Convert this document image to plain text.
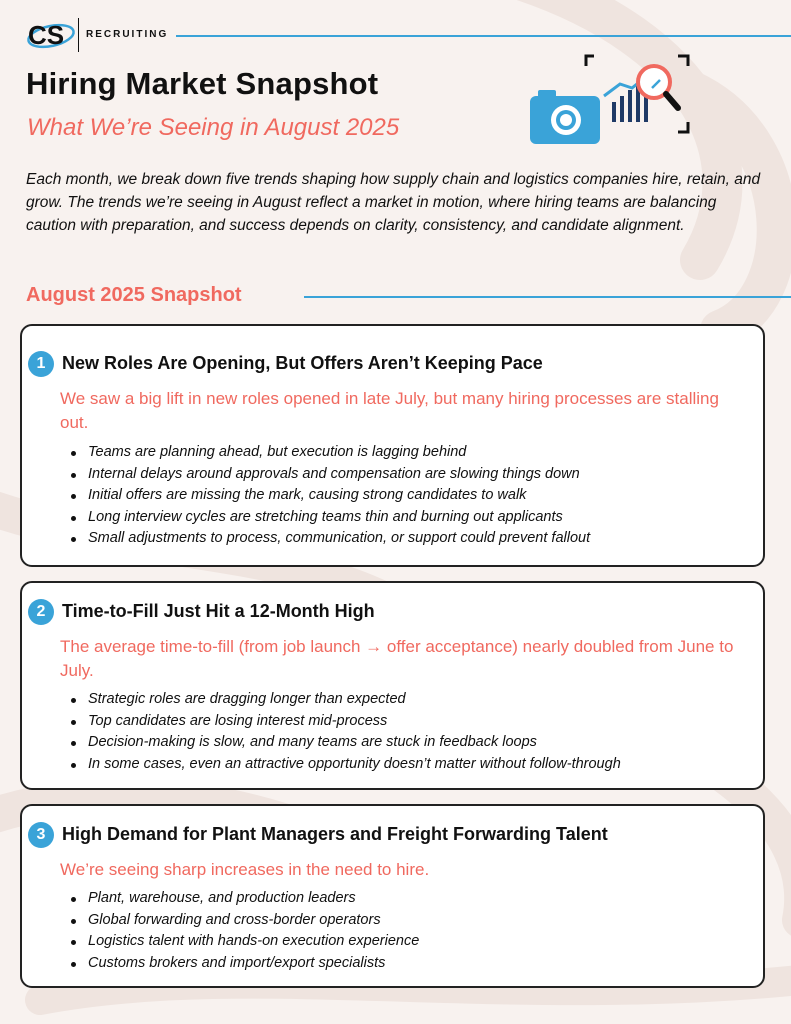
CS RECRUITING
Hiring Market Snapshot
What We’re Seeing in August 2025

Each month, we break down five trends shaping how supply chain and logistics companies hire, retain, and grow. The trends we’re seeing in August reflect a market in motion, where hiring teams are balancing caution with preparation, and success depends on clarity, consistency, and candidate alignment.

August 2025 Snapshot
1 New Roles Are Opening, But Offers Aren’t Keeping Pace
We saw a big lift in new roles opened in late July, but many hiring processes are stalling out.
Teams are planning ahead, but execution is lagging behind
Internal delays around approvals and compensation are slowing things down
Initial offers are missing the mark, causing strong candidates to walk
Long interview cycles are stretching teams thin and burning out applicants
Small adjustments to process, communication, or support could prevent fallout
2 Time-to-Fill Just Hit a 12-Month High
The average time-to-fill (from job launch → offer acceptance) nearly doubled from June to July.
Strategic roles are dragging longer than expected
Top candidates are losing interest mid-process
Decision-making is slow, and many teams are stuck in feedback loops
In some cases, even an attractive opportunity doesn’t matter without follow-through
3 High Demand for Plant Managers and Freight Forwarding Talent
We’re seeing sharp increases in the need to hire.
Plant, warehouse, and production leaders
Global forwarding and cross-border operators
Logistics talent with hands-on execution experience
Customs brokers and import/export specialists
